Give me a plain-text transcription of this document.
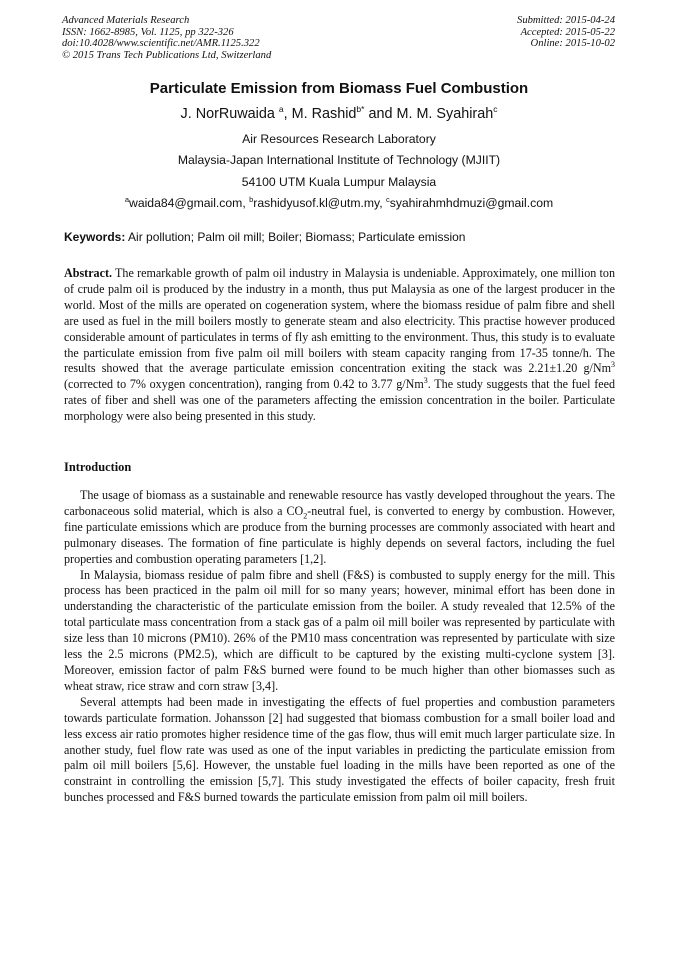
Advanced Materials Research
ISSN: 1662-8985, Vol. 1125, pp 322-326
doi:10.4028/www.scientific.net/AMR.1125.322
© 2015 Trans Tech Publications Ltd, Switzerland
Submitted: 2015-04-24
Accepted: 2015-05-22
Online: 2015-10-02
Particulate Emission from Biomass Fuel Combustion
J. NorRuwaida $^a$, M. Rashid$^{b*}$ and M. M. Syahirah$^c$
Air Resources Research Laboratory
Malaysia-Japan International Institute of Technology (MJIIT)
54100 UTM Kuala Lumpur Malaysia
$^a$waida84@gmail.com, $^b$rashidyusof.kl@utm.my, $^c$syahirahmhdmuzi@gmail.com
Keywords: Air pollution; Palm oil mill; Boiler; Biomass; Particulate emission
Abstract. The remarkable growth of palm oil industry in Malaysia is undeniable. Approximately, one million ton of crude palm oil is produced by the industry in a month, thus put Malaysia as one of the largest producer in the world. Most of the mills are operated on cogeneration system, where the biomass residue of palm fibre and shell are used as fuel in the mill boilers mostly to generate steam and also electricity. This practise however produced considerable amount of particulates in terms of fly ash emitting to the environment. Thus, this study is to evaluate the particulate emission from five palm oil mill boilers with steam capacity ranging from 17-35 tonne/h. The results showed that the average particulate emission concentration exiting the stack was 2.21±1.20 g/Nm$^3$ (corrected to 7% oxygen concentration), ranging from 0.42 to 3.77 g/Nm$^3$. The study suggests that the fuel feed rates of fiber and shell was one of the parameters affecting the emission concentration in the boiler. Particulate morphology were also being presented in this study.
Introduction

The usage of biomass as a sustainable and renewable resource has vastly developed throughout the years. The carbonaceous solid material, which is also a $CO_2$-neutral fuel, is converted to energy by combustion. However, fine particulate emissions which are produce from the burning processes are commonly associated with heart and pulmonary diseases. The formation of fine particulate is highly depends on several factors, including the fuel properties and combustion operating parameters [1,2].

In Malaysia, biomass residue of palm fibre and shell (F&S) is combusted to supply energy for the mill. This process has been practiced in the palm oil mill for so many years; however, minimal effort has been done in understanding the characteristic of the particulate emission from the boiler. A study revealed that 12.5% of the total particulate mass concentration from a stack gas of a palm oil mill boiler was represented by particulate with size less than 10 microns (PM10). 26% of the PM10 mass concentration was represented by particulate with size less the 2.5 microns (PM2.5), which are difficult to be captured by the existing multi-cyclone system [3]. Moreover, emission factor of palm F&S burned were found to be much higher than other biomasses such as wheat straw, rice straw and corn straw [3,4].

Several attempts had been made in investigating the effects of fuel properties and combustion parameters towards particulate formation. Johansson [2] had suggested that biomass combustion for a small boiler load and less excess air ratio promotes higher residence time of the gas flow, thus will emit much larger particulate size. In another study, fuel flow rate was used as one of the input variables in predicting the particulate emission from palm oil mill boilers [5,6]. However, the unstable fuel loading in the mills have been reported as one of the constraint in controlling the emission [5,7]. This study investigated the effects of boiler capacity, fresh fruit bunches processed and F&S burned towards the particulate emission from palm oil mill boilers.
